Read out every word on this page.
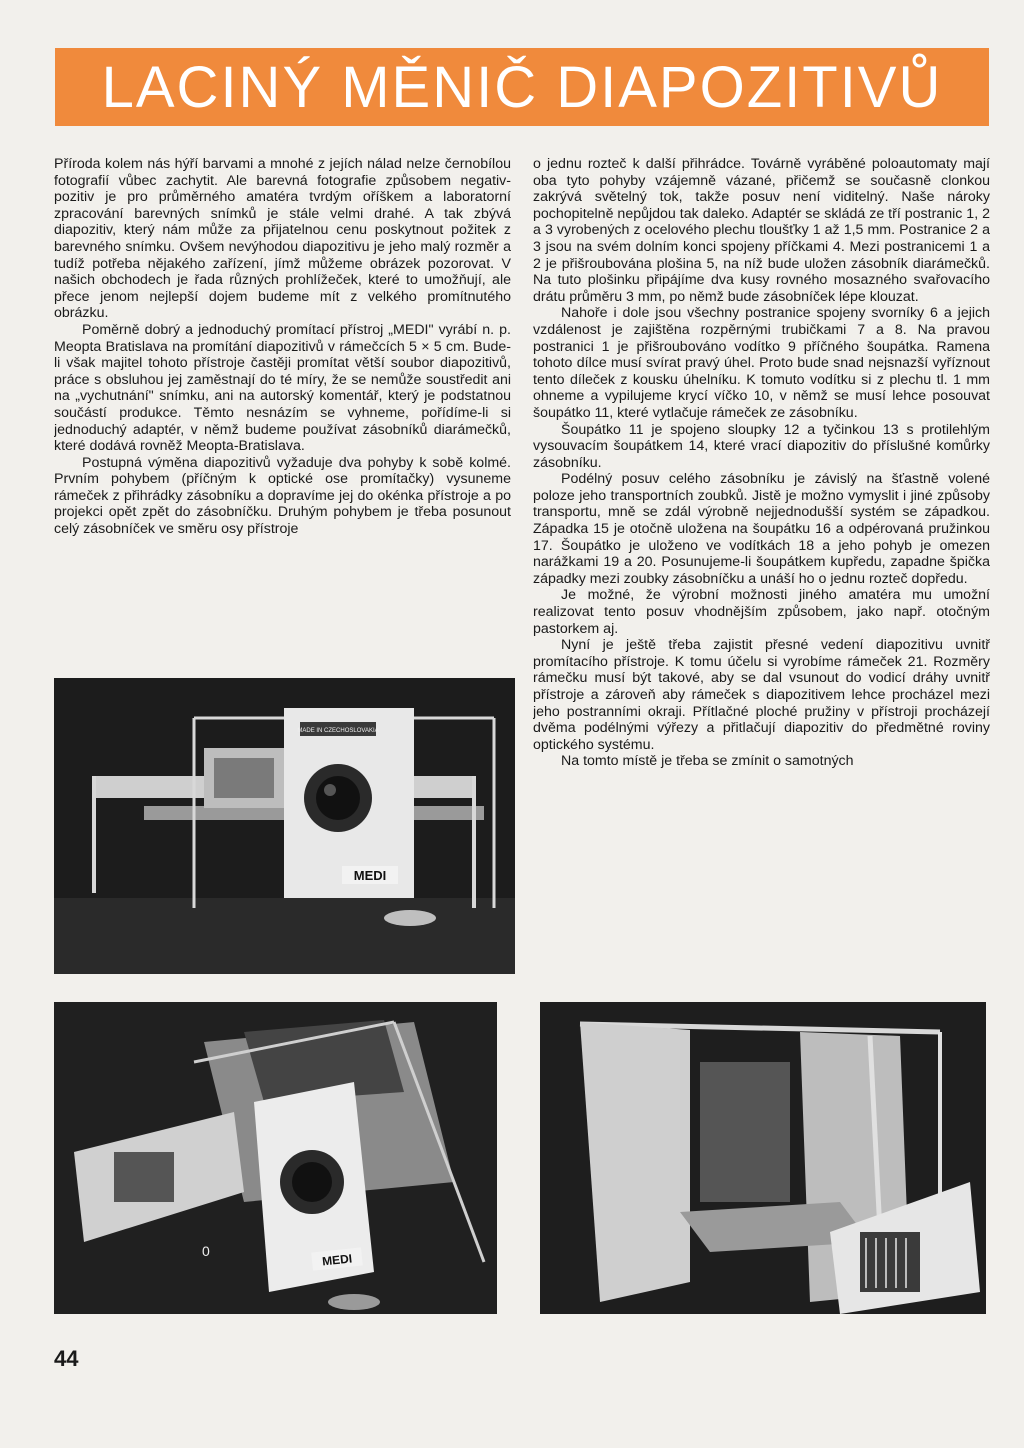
LACINÝ MĚNIČ DIAPOZITIVŮ

Příroda kolem nás hýří barvami a mnohé z jejích nálad nelze černobílou fotografií vůbec zachytit. Ale barevná fotografie způsobem negativ-pozitiv je pro průměrného amatéra tvrdým oříškem a laboratorní zpracování barevných snímků je stále velmi drahé. A tak zbývá diapozitiv, který nám může za přijatelnou cenu poskytnout požitek z barevného snímku. Ovšem nevýhodou diapozitivu je jeho malý rozměr a tudíž potřeba nějakého zařízení, jímž můžeme obrázek pozorovat. V našich obchodech je řada různých prohlížeček, které to umožňují, ale přece jenom nejlepší dojem budeme mít z velkého promítnutého obrázku.

Poměrně dobrý a jednoduchý promítací přístroj „MEDI" vyrábí n. p. Meopta Bratislava na promítání diapozitivů v rámečcích 5 × 5 cm. Bude-li však majitel tohoto přístroje častěji promítat větší soubor diapozitivů, práce s obsluhou jej zaměstnají do té míry, že se nemůže soustředit ani na „vychutnání" snímku, ani na autorský komentář, který je podstatnou součástí produkce. Těmto nesnázím se vyhneme, pořídíme-li si jednoduchý adaptér, v němž budeme používat zásobníků diarámečků, které dodává rovněž Meopta-Bratislava.

Postupná výměna diapozitivů vyžaduje dva pohyby k sobě kolmé. Prvním pohybem (příčným k optické ose promítačky) vysuneme rámeček z přihrádky zásobníku a dopravíme jej do okénka přístroje a po projekci opět zpět do zásobníčku. Druhým pohybem je třeba posunout celý zásobníček ve směru osy přístroje

o jednu rozteč k další přihrádce. Továrně vyráběné poloautomaty mají oba tyto pohyby vzájemně vázané, přičemž se současně clonkou zakrývá světelný tok, takže posuv není viditelný. Naše nároky pochopitelně nepůjdou tak daleko. Adaptér se skládá ze tří postranic 1, 2 a 3 vyrobených z ocelového plechu tloušťky 1 až 1,5 mm. Postranice 2 a 3 jsou na svém dolním konci spojeny příčkami 4. Mezi postranicemi 1 a 2 je přišroubována plošina 5, na níž bude uložen zásobník diarámečků. Na tuto plošinku připájíme dva kusy rovného mosazného svařovacího drátu průměru 3 mm, po němž bude zásobníček lépe klouzat.

Nahoře i dole jsou všechny postranice spojeny svorníky 6 a jejich vzdálenost je zajištěna rozpěrnými trubičkami 7 a 8. Na pravou postranici 1 je přišroubováno vodítko 9 příčného šoupátka. Ramena tohoto dílce musí svírat pravý úhel. Proto bude snad nejsnazší vyříznout tento díleček z kousku úhelníku. K tomuto vodítku si z plechu tl. 1 mm ohneme a vypilujeme krycí víčko 10, v němž se musí lehce posouvat šoupátko 11, které vytlačuje rámeček ze zásobníku.

Šoupátko 11 je spojeno sloupky 12 a tyčinkou 13 s protilehlým vysouvacím šoupátkem 14, které vrací diapozitiv do příslušné komůrky zásobníku.

Podélný posuv celého zásobníku je závislý na šťastně volené poloze jeho transportních zoubků. Jistě je možno vymyslit i jiné způsoby transportu, mně se zdál výrobně nejjednodušší systém se západkou. Západka 15 je otočně uložena na šoupátku 16 a odpérovaná pružinkou 17. Šoupátko je uloženo ve vodítkách 18 a jeho pohyb je omezen narážkami 19 a 20. Posunujeme-li šoupátkem kupředu, zapadne špička západky mezi zoubky zásobníčku a unáší ho o jednu rozteč dopředu.

Je možné, že výrobní možnosti jiného amatéra mu umožní realizovat tento posuv vhodnějším způsobem, jako např. otočným pastorkem aj.

Nyní je ještě třeba zajistit přesné vedení diapozitivu uvnitř promítacího přístroje. K tomu účelu si vyrobíme rámeček 21. Rozměry rámečku musí být takové, aby se dal vsunout do vodicí dráhy uvnitř přístroje a zároveň aby rámeček s diapozitivem lehce procházel mezi jeho postranními okraji. Přítlačné ploché pružiny v přístroji procházejí dvěma podélnými výřezy a přitlačují diapozitiv do předmětné roviny optického systému.

Na tomto místě je třeba se zmínit o samotných

MADE IN CZECHOSLOVAKIA
MEDI
MEDI
0
44
